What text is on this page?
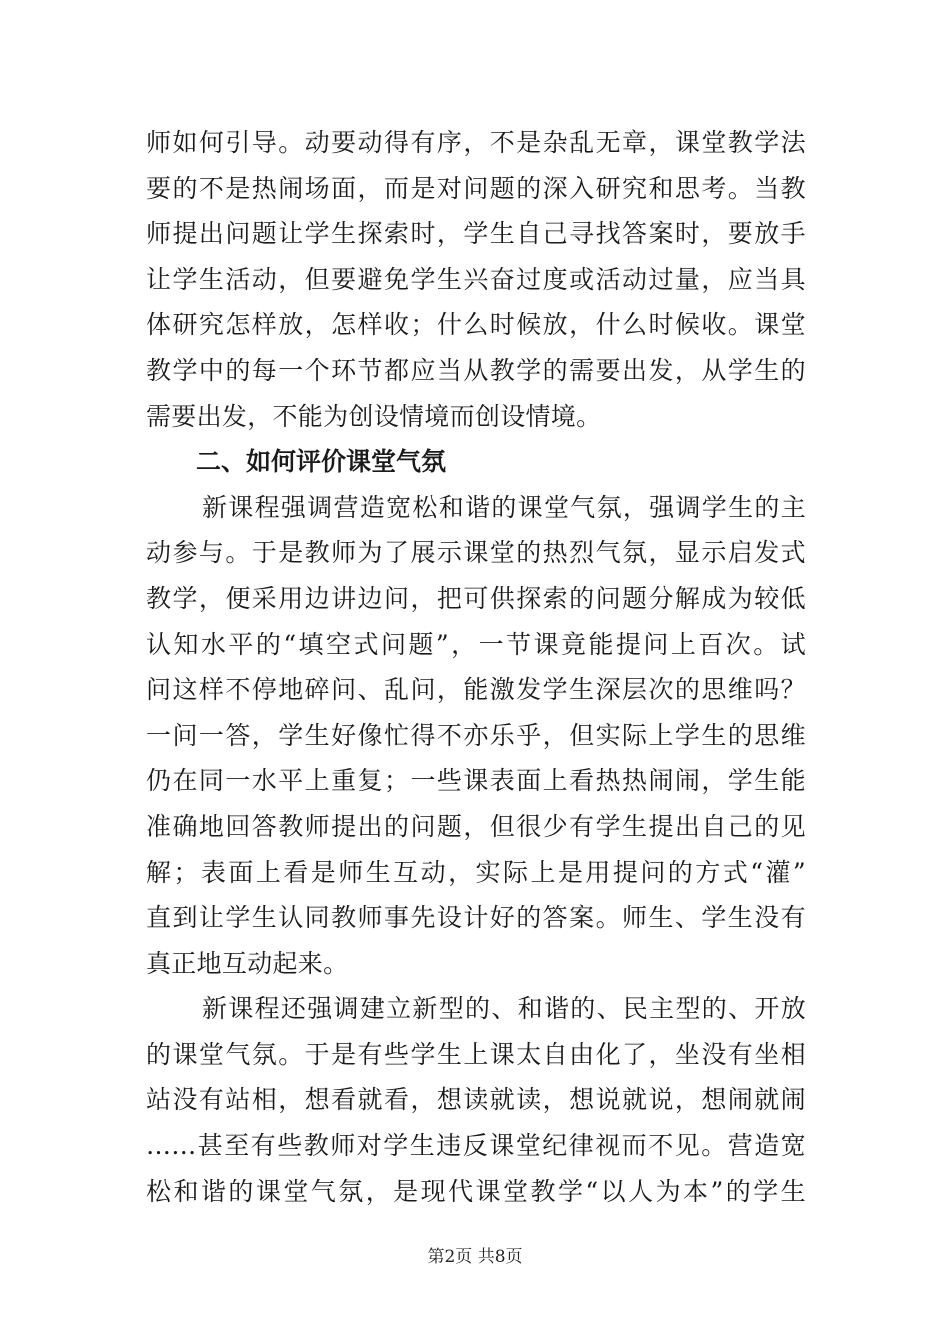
师如何引导。动要动得有序，不是杂乱无章，课堂教学法
要的不是热闹场面，而是对问题的深入研究和思考。当教
师提出问题让学生探索时，学生自己寻找答案时，要放手
让学生活动，但要避免学生兴奋过度或活动过量，应当具
体研究怎样放，怎样收；什么时候放，什么时候收。课堂
教学中的每一个环节都应当从教学的需要出发，从学生的
需要出发，不能为创设情境而创设情境。
二、如何评价课堂气氛
新课程强调营造宽松和谐的课堂气氛，强调学生的主
动参与。于是教师为了展示课堂的热烈气氛，显示启发式
教学，便采用边讲边问，把可供探索的问题分解成为较低
认知水平的“填空式问题”，一节课竟能提问上百次。试
问这样不停地碎问、乱问，能激发学生深层次的思维吗？
一问一答，学生好像忙得不亦乐乎，但实际上学生的思维
仍在同一水平上重复；一些课表面上看热热闹闹，学生能
准确地回答教师提出的问题，但很少有学生提出自己的见
解；表面上看是师生互动，实际上是用提问的方式“灌”
直到让学生认同教师事先设计好的答案。师生、学生没有
真正地互动起来。
新课程还强调建立新型的、和谐的、民主型的、开放
的课堂气氛。于是有些学生上课太自由化了，坐没有坐相
站没有站相，想看就看，想读就读，想说就说，想闹就闹
……甚至有些教师对学生违反课堂纪律视而不见。营造宽
松和谐的课堂气氛，是现代课堂教学“以人为本”的学生
第2页 共8页
